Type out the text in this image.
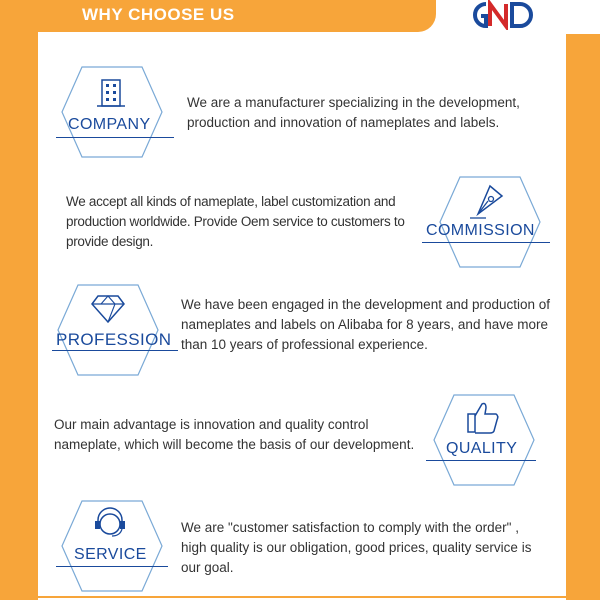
WHY CHOOSE US
COMPANY
We are a manufacturer specializing in the development, production and innovation of nameplates and labels.
We accept all kinds of nameplate, label customization and production worldwide. Provide Oem service to customers to provide design.
COMMISSION
PROFESSION
We have been engaged in the development and production of nameplates and labels on Alibaba for 8 years, and have more than 10 years of professional experience.
Our main advantage is innovation and quality control nameplate, which will become the basis of our development. QUALITY
SERVICE
We are "customer satisfaction to comply with the order" , high quality is our obligation, good prices, quality service is our goal.
